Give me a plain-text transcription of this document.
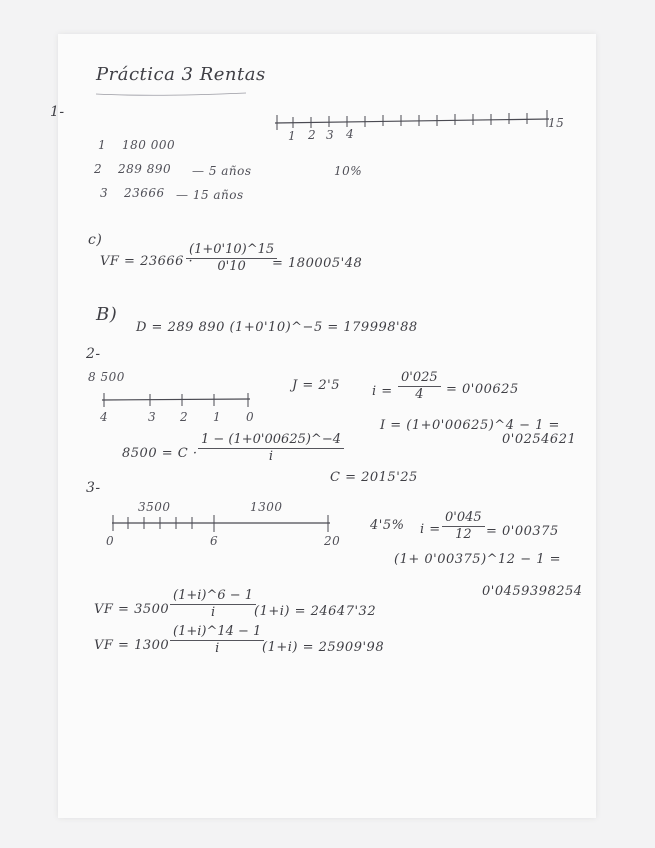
Práctica 3 Rentas
1-
1 2 3 4
15
1 180 000
2 289 890 — 5 años
3 23666 — 15 años
10%
c)
VF = 23666 ·
$\frac{(1+0'10)\^{}15}{0'10}$
= 180005'48
B)
D = 289 890 (1+0'10)^−5 = 179998'88
2-
8 500
4	3 2 1 0
J = 2'5 $i = \frac{0'025}{4} = 0'00625$
I = (1+0'00625)^4 − 1 =
0'0254621
$8500 = C \cdot \frac{1 - (1+0'00625)\^{}-4}{i}$
C = 2015'25
3-
3500	1300
0	6	20
4'5% $i = \frac{0'045}{12} = 0'00375$
(1+ 0'00375)^12 − 1 =
0'0459398254
VF = $3500 \frac{(1+i)\^{}6 - 1}{i}$
(1+i) = 24647'32
VF = $1300 \frac{(1+i)\^{}14 - 1}{i}$
(1+i) = 25909'98
